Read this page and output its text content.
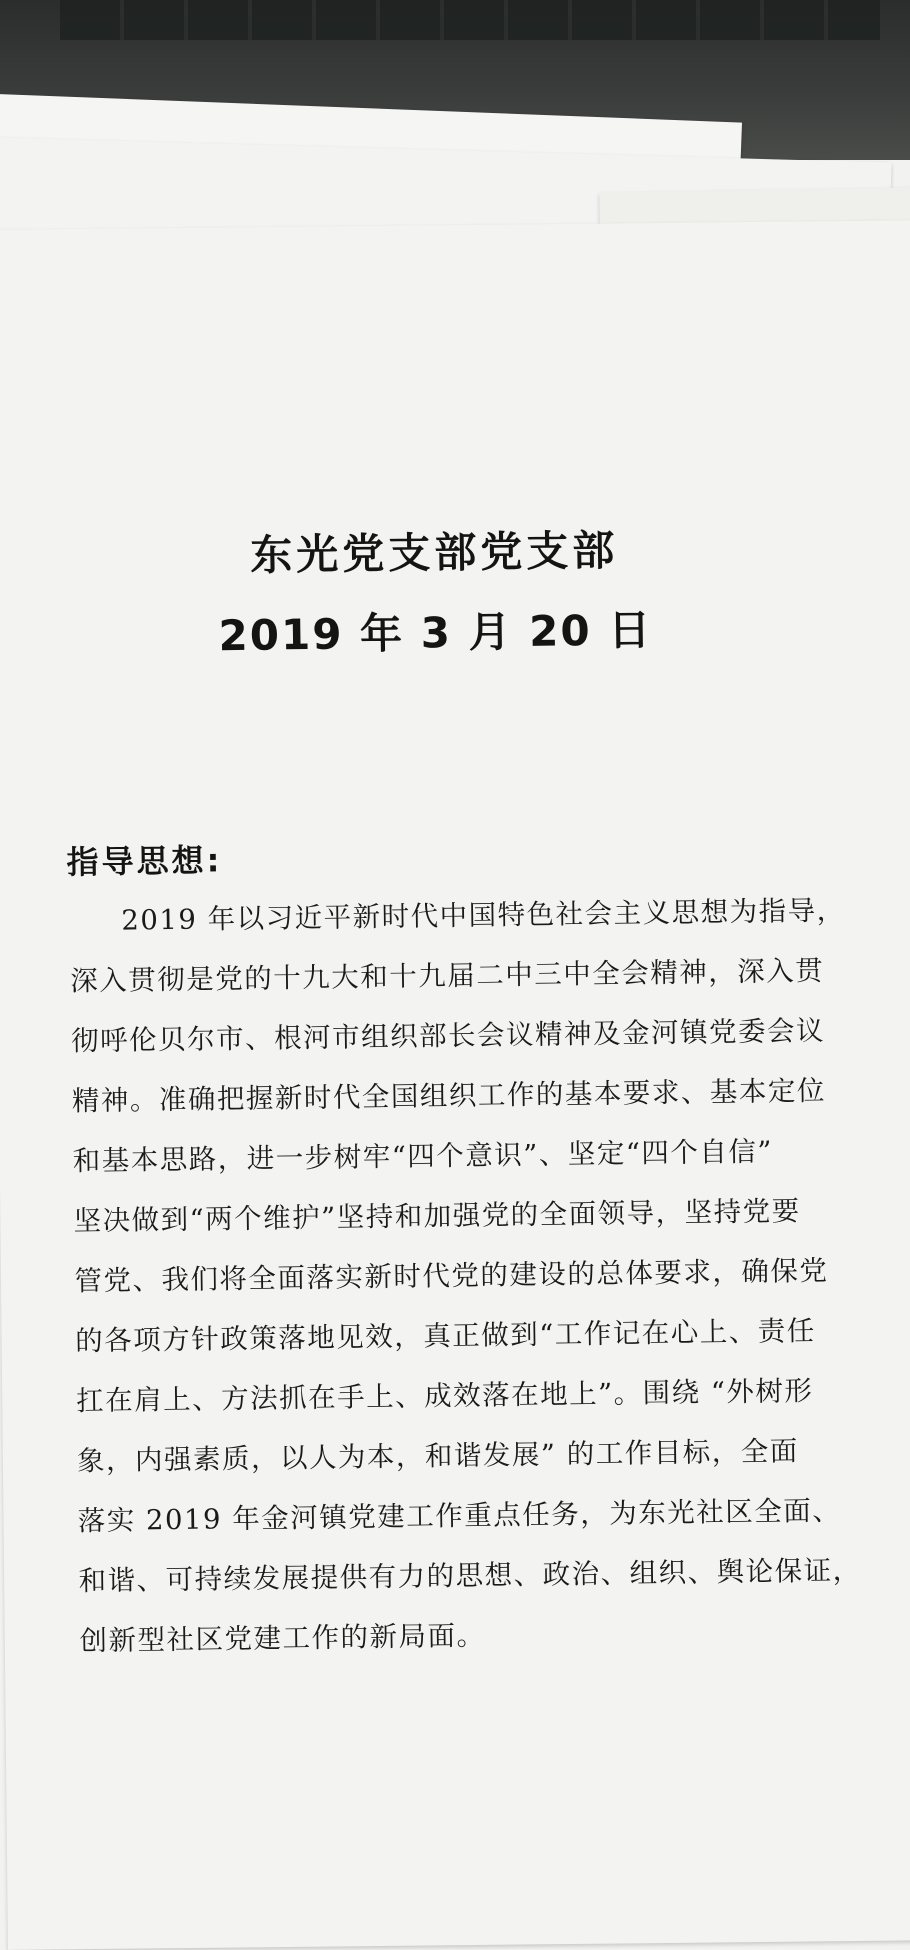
东光党支部党支部
2019 年 3 月 20 日
指导思想:
2019 年以习近平新时代中国特色社会主义思想为指导，
深入贯彻是党的十九大和十九届二中三中全会精神，深入贯
彻呼伦贝尔市、根河市组织部长会议精神及金河镇党委会议
精神。准确把握新时代全国组织工作的基本要求、基本定位
和基本思路，进一步树牢“四个意识”、坚定“四个自信”
坚决做到“两个维护”坚持和加强党的全面领导，坚持党要
管党、我们将全面落实新时代党的建设的总体要求，确保党
的各项方针政策落地见效，真正做到“工作记在心上、责任
扛在肩上、方法抓在手上、成效落在地上”。围绕 “外树形
象，内强素质，以人为本，和谐发展” 的工作目标，全面
落实 2019 年金河镇党建工作重点任务，为东光社区全面、
和谐、可持续发展提供有力的思想、政治、组织、舆论保证，
创新型社区党建工作的新局面。
